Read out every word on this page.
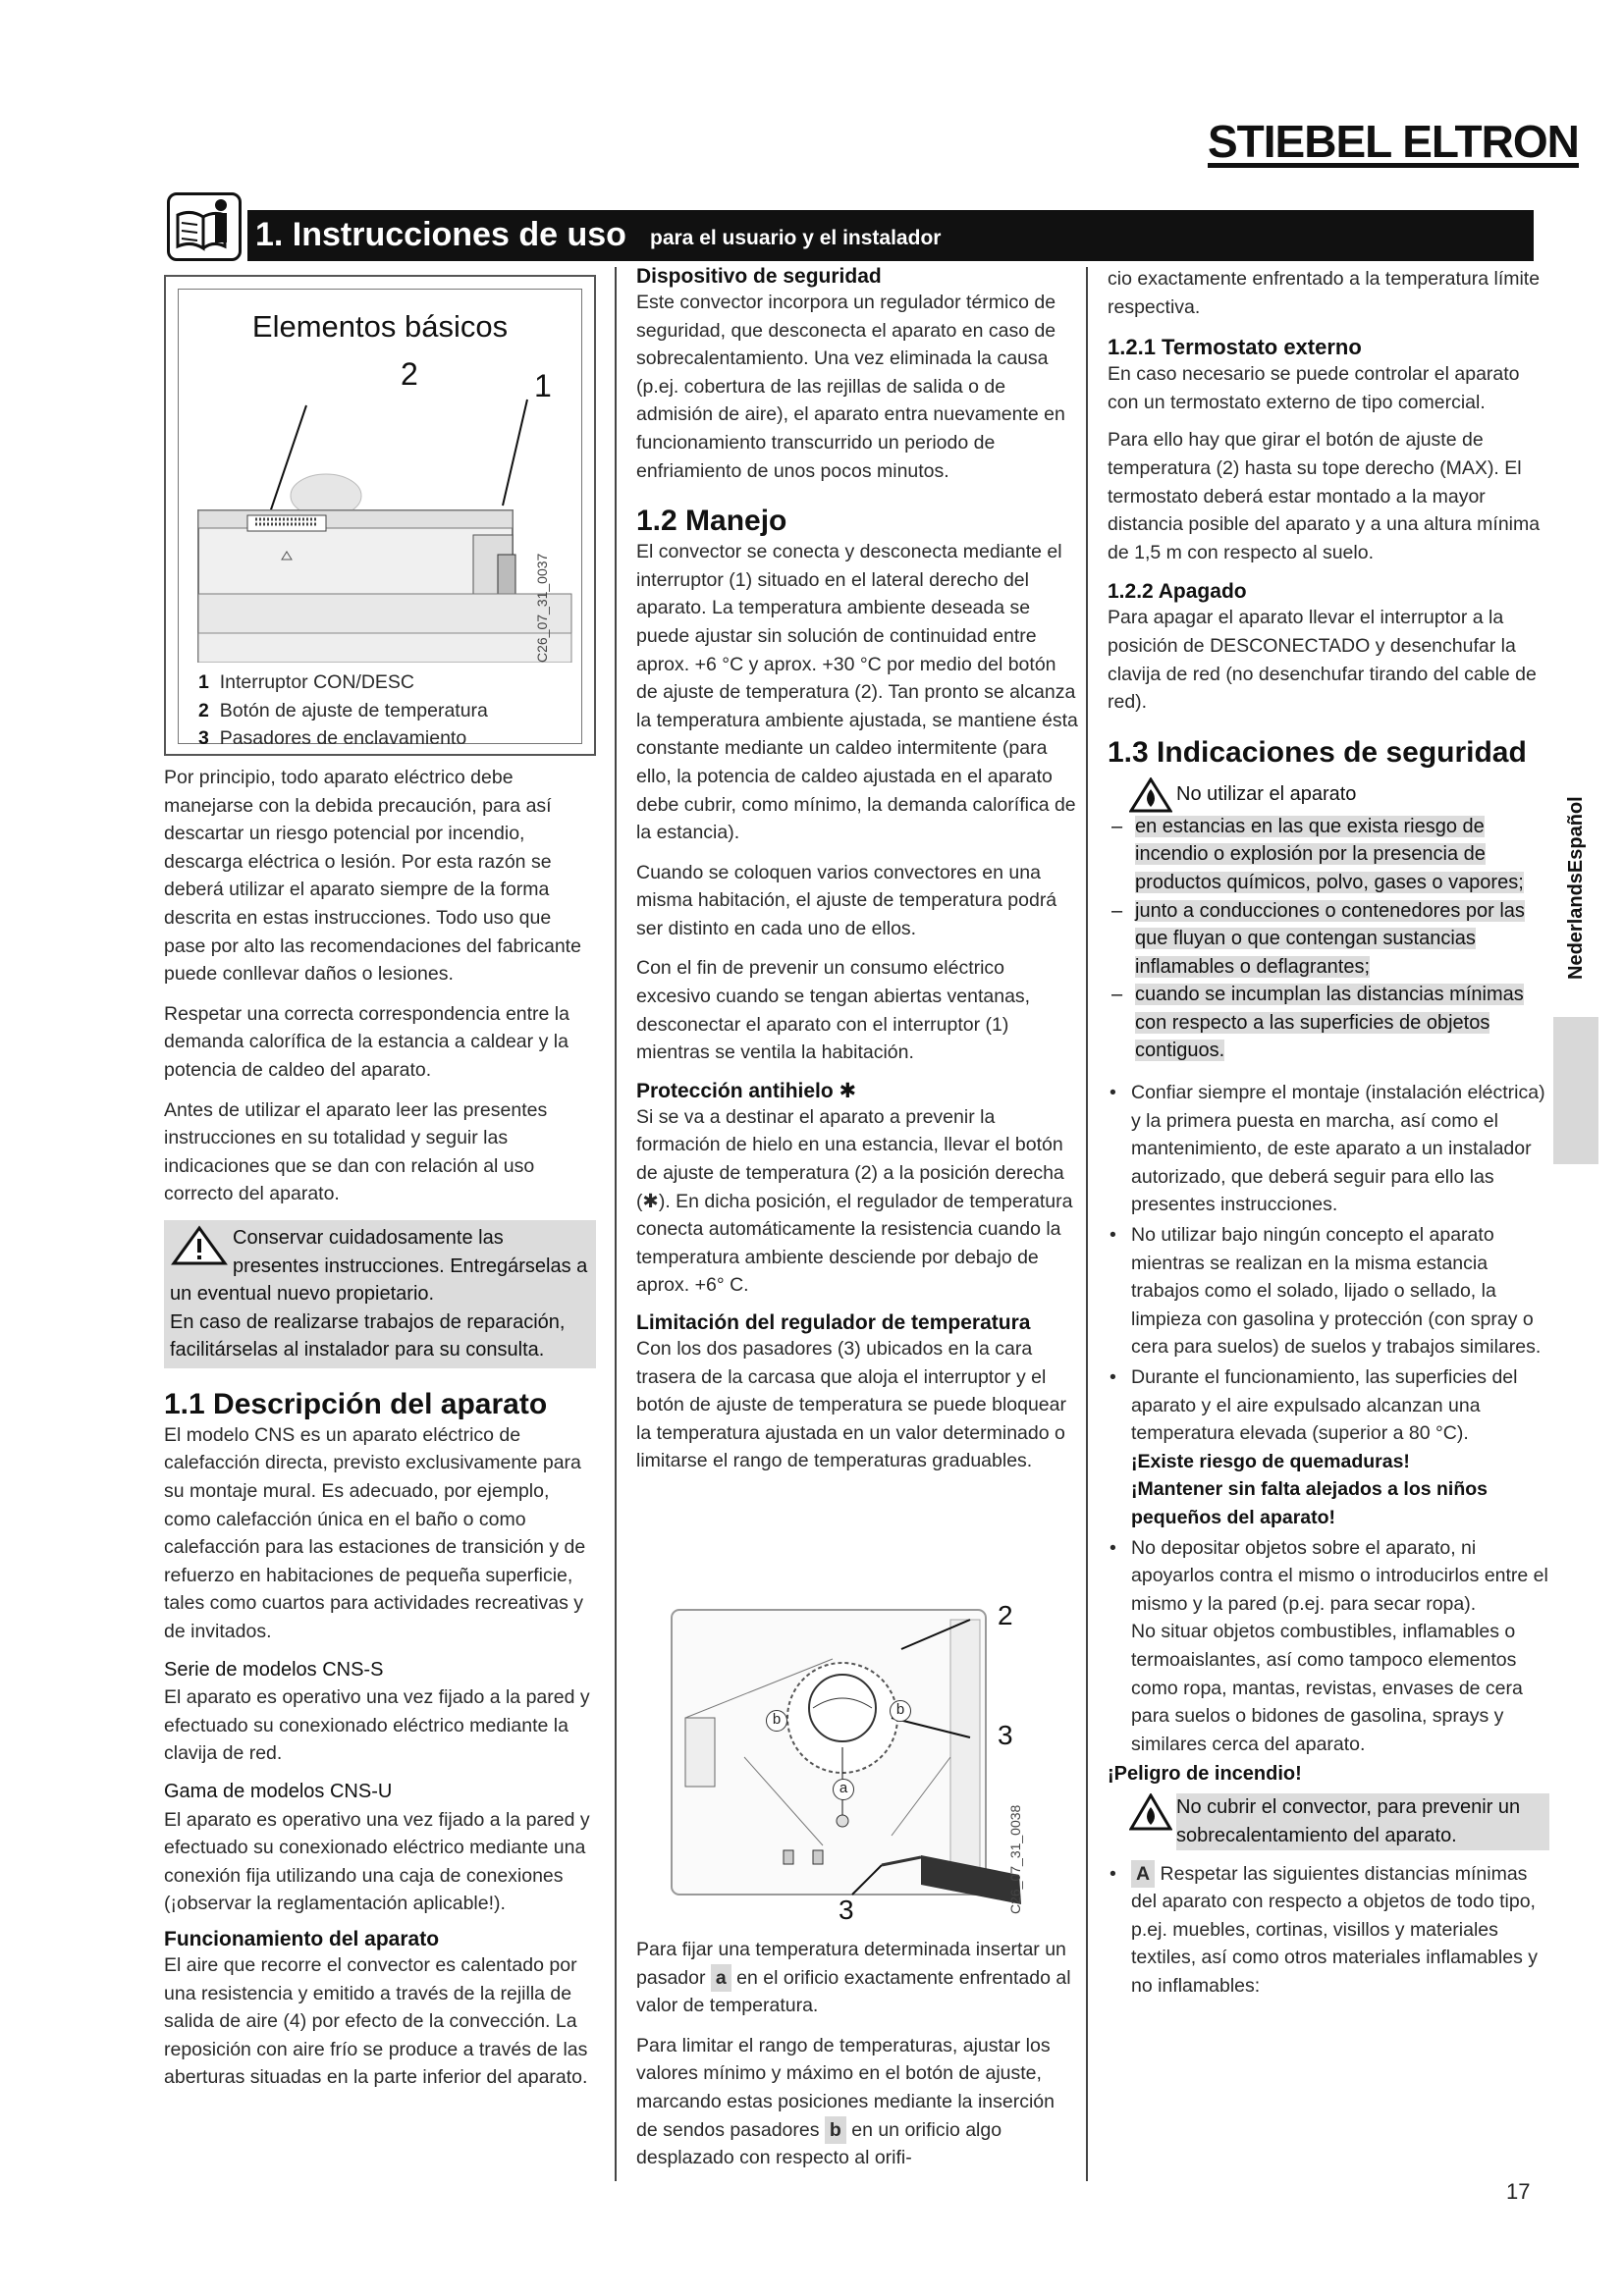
STIEBEL ELTRON
1. Instrucciones de uso para el usuario y el instalador
Elementos básicos
2	1
C26_07_31_0037
1 Interruptor CON/DESC
2 Botón de ajuste de temperatura
3 Pasadores de enclavamiento

Por principio, todo aparato eléctrico debe manejarse con la debida precaución, para así descartar un riesgo potencial por incendio, descarga eléctrica o lesión. Por esta razón se deberá utilizar el aparato siempre de la forma descrita en estas instrucciones. Todo uso que pase por alto las recomendaciones del fabricante puede conllevar daños o lesiones.

Respetar una correcta correspondencia entre la demanda calorífica de la estancia a caldear y la potencia de caldeo del aparato.

Antes de utilizar el aparato leer las presentes instrucciones en su totalidad y seguir las indicaciones que se dan con relación al uso correcto del aparato.

Conservar cuidadosamente las presentes instrucciones. Entregárselas a un eventual nuevo propietario.

En caso de realizarse trabajos de reparación, facilitárselas al instalador para su consulta.

1.1 Descripción del aparato

El modelo CNS es un aparato eléctrico de calefacción directa, previsto exclusivamente para su montaje mural. Es adecuado, por ejemplo, como calefacción única en el baño o como calefacción para las estaciones de transición y de refuerzo en habitaciones de pequeña superficie, tales como cuartos para actividades recreativas y de invitados.

Serie de modelos CNS-S

El aparato es operativo una vez fijado a la pared y efectuado su conexionado eléctrico mediante la clavija de red.

Gama de modelos CNS-U

El aparato es operativo una vez fijado a la pared y efectuado su conexionado eléctrico mediante una conexión fija utilizando una caja de conexiones (¡observar la reglamentación aplicable!).

Funcionamiento del aparato

El aire que recorre el convector es calentado por una resistencia y emitido a través de la rejilla de salida de aire (4) por efecto de la convección. La reposición con aire frío se produce a través de las aberturas situadas en la parte inferior del aparato.

Dispositivo de seguridad

Este convector incorpora un regulador térmico de seguridad, que desconecta el aparato en caso de sobrecalentamiento. Una vez eliminada la causa (p.ej. cobertura de las rejillas de salida o de admisión de aire), el aparato entra nuevamente en funcionamiento transcurrido un periodo de enfriamiento de unos pocos minutos.

1.2 Manejo

El convector se conecta y desconecta mediante el interruptor (1) situado en el lateral derecho del aparato. La temperatura ambiente deseada se puede ajustar sin solución de continuidad entre aprox. +6 °C y aprox. +30 °C por medio del botón de ajuste de temperatura (2). Tan pronto se alcanza la temperatura ambiente ajustada, se mantiene ésta constante mediante un caldeo intermitente (para ello, la potencia de caldeo ajustada en el aparato debe cubrir, como mínimo, la demanda calorífica de la estancia).

Cuando se coloquen varios convectores en una misma habitación, el ajuste de temperatura podrá ser distinto en cada uno de ellos.

Con el fin de prevenir un consumo eléctrico excesivo cuando se tengan abiertas ventanas, desconectar el aparato con el interruptor (1) mientras se ventila la habitación.

Protección antihielo ✱

Si se va a destinar el aparato a prevenir la formación de hielo en una estancia, llevar el botón de ajuste de temperatura (2) a la posición derecha (✱). En dicha posición, el regulador de temperatura conecta automáticamente la resistencia cuando la temperatura ambiente desciende por debajo de aprox. +6° C.

Limitación del regulador de temperatura

Con los dos pasadores (3) ubicados en la cara trasera de la carcasa que aloja el interruptor y el botón de ajuste de temperatura se puede bloquear la temperatura ajustada en un valor determinado o limitarse el rango de temperaturas graduables.

2
3
3
b
b
a
C26_07_31_0038

Para fijar una temperatura determinada insertar un pasador a en el orificio exactamente enfrentado al valor de temperatura.

Para limitar el rango de temperaturas, ajustar los valores mínimo y máximo en el botón de ajuste, marcando estas posiciones mediante la inserción de sendos pasadores b en un orificio algo desplazado con respecto al orifi-

cio exactamente enfrentado a la temperatura límite respectiva.

1.2.1 Termostato externo

En caso necesario se puede controlar el aparato con un termostato externo de tipo comercial.

Para ello hay que girar el botón de ajuste de temperatura (2) hasta su tope derecho (MAX). El termostato deberá estar montado a la mayor distancia posible del aparato y a una altura mínima de 1,5 m con respecto al suelo.

1.2.2 Apagado

Para apagar el aparato llevar el interruptor a la posición de DESCONECTADO y desenchufar la clavija de red (no desenchufar tirando del cable de red).

1.3 Indicaciones de seguridad
No utilizar el aparato
– en estancias en las que exista riesgo de incendio o explosión por la presencia de productos químicos, polvo, gases o vapores;
– junto a conducciones o contenedores por las que fluyan o que contengan sustancias inflamables o deflagrantes;
– cuando se incumplan las distancias mínimas con respecto a las superficies de objetos contiguos.
• Confiar siempre el montaje (instalación eléctrica) y la primera puesta en marcha, así como el mantenimiento, de este aparato a un instalador autorizado, que deberá seguir para ello las presentes instrucciones.
• No utilizar bajo ningún concepto el aparato mientras se realizan en la misma estancia trabajos como el solado, lijado o sellado, la limpieza con gasolina y protección (con spray o cera para suelos) de suelos y trabajos similares.
• Durante el funcionamiento, las superficies del aparato y el aire expulsado alcanzan una temperatura elevada (superior a 80 °C).
¡Existe riesgo de quemaduras!
¡Mantener sin falta alejados a los niños pequeños del aparato!
• No depositar objetos sobre el aparato, ni apoyarlos contra el mismo o introducirlos entre el mismo y la pared (p.ej. para secar ropa).
No situar objetos combustibles, inflamables o termoaislantes, así como tampoco elementos como ropa, mantas, revistas, envases de cera para suelos o bidones de gasolina, sprays y similares cerca del aparato.

¡Peligro de incendio!

No cubrir el convector, para prevenir un sobrecalentamiento del aparato.
• A Respetar las siguientes distancias mínimas del aparato con respecto a objetos de todo tipo, p.ej. muebles, cortinas, visillos y materiales textiles, así como otros materiales inflamables y no inflamables:
NederlandsEspañol
17
